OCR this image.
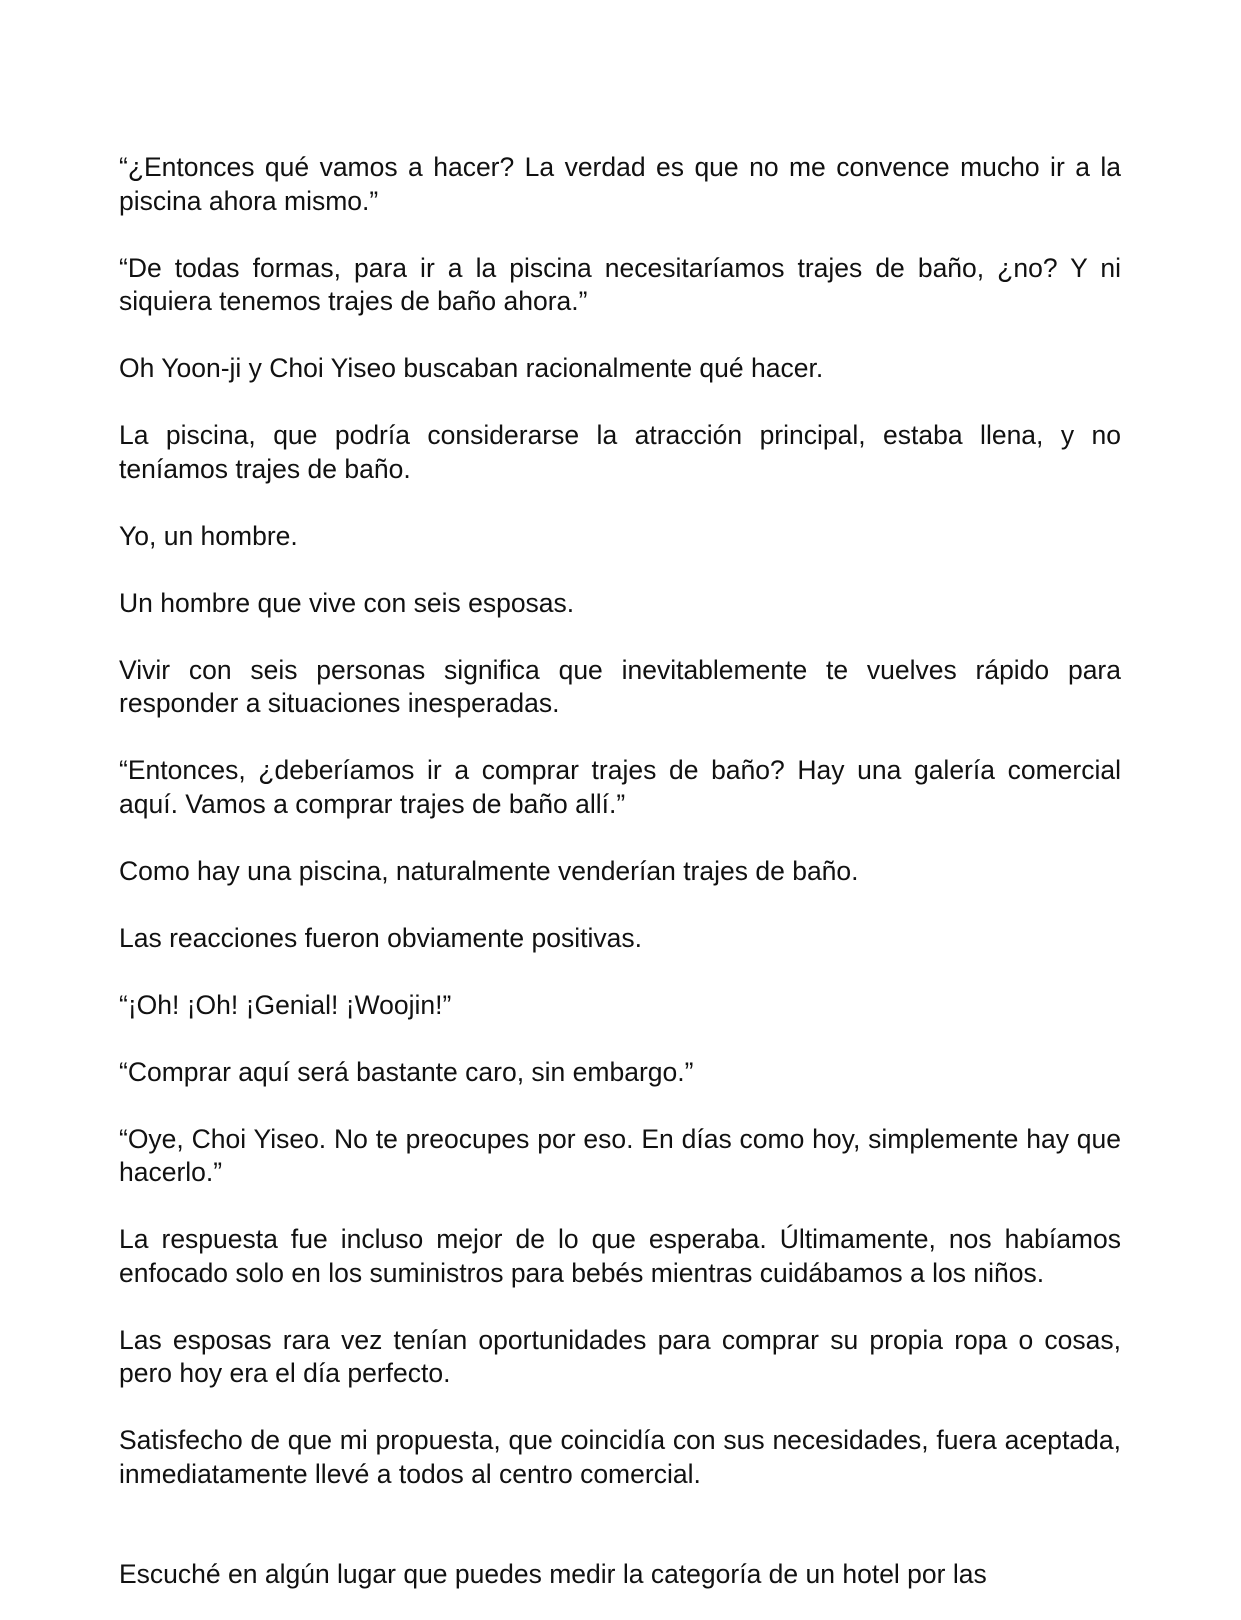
“¿Entonces qué vamos a hacer? La verdad es que no me convence mucho ir a la piscina ahora mismo.”

“De todas formas, para ir a la piscina necesitaríamos trajes de baño, ¿no? Y ni siquiera tenemos trajes de baño ahora.”

Oh Yoon-ji y Choi Yiseo buscaban racionalmente qué hacer.

La piscina, que podría considerarse la atracción principal, estaba llena, y no teníamos trajes de baño.

Yo, un hombre.

Un hombre que vive con seis esposas.

Vivir con seis personas significa que inevitablemente te vuelves rápido para responder a situaciones inesperadas.

“Entonces, ¿deberíamos ir a comprar trajes de baño? Hay una galería comercial aquí. Vamos a comprar trajes de baño allí.”

Como hay una piscina, naturalmente venderían trajes de baño.

Las reacciones fueron obviamente positivas.

“¡Oh! ¡Oh! ¡Genial! ¡Woojin!”

“Comprar aquí será bastante caro, sin embargo.”

“Oye, Choi Yiseo. No te preocupes por eso. En días como hoy, simplemente hay que hacerlo.”

La respuesta fue incluso mejor de lo que esperaba. Últimamente, nos habíamos enfocado solo en los suministros para bebés mientras cuidábamos a los niños.

Las esposas rara vez tenían oportunidades para comprar su propia ropa o cosas, pero hoy era el día perfecto.

Satisfecho de que mi propuesta, que coincidía con sus necesidades, fuera aceptada, inmediatamente llevé a todos al centro comercial.

Escuché en algún lugar que puedes medir la categoría de un hotel por las
